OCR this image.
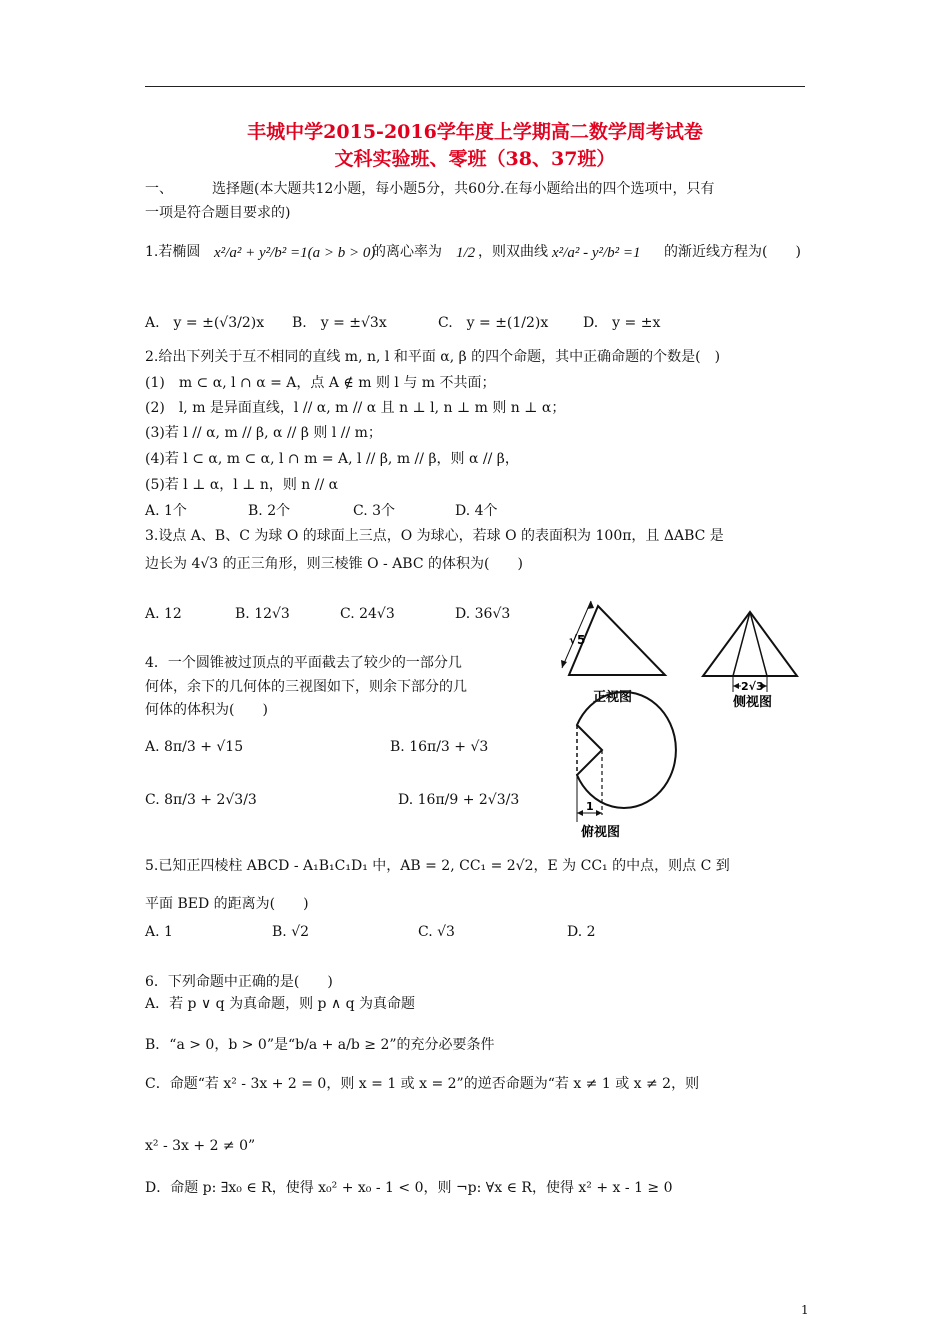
丰城中学2015-2016学年度上学期高二数学周考试卷
文科实验班、零班（38、37班）
一、	选择题(本大题共12小题，每小题5分，共60分.在每小题给出的四个选项中，只有
一项是符合题目要求的)
1.若椭圆 x²/a² + y²/b² =1(a > b > 0)
的离心率为 1/2 ，则双曲线 x²/a² - y²/b² =1 的渐近线方程为(　　)
A.　y = ±(√3/2)x B.　y = ±√3x	C.　y = ±(1/2)x D.　y = ±x
2.给出下列关于互不相同的直线 m, n, l 和平面 α, β 的四个命题，其中正确命题的个数是(　)
(1)　m ⊂ α, l ∩ α = A，点 A ∉ m 则 l 与 m 不共面；
(2)　l, m 是异面直线，l // α, m // α 且 n ⊥ l, n ⊥ m 则 n ⊥ α；
(3)若 l // α, m // β, α // β 则 l // m；
(4)若 l ⊂ α, m ⊂ α, l ∩ m = A, l // β, m // β，则 α // β，
(5)若 l ⊥ α，l ⊥ n，则 n // α
A. 1个	B. 2个	C. 3个	D. 4个
3.设点 A、B、C 为球 O 的球面上三点，O 为球心，若球 O 的表面积为 100π，且 ΔABC 是
边长为 4√3 的正三角形，则三棱锥 O - ABC 的体积为(　　)
A. 12	B. 12√3	C. 24√3	D. 36√3
4．一个圆锥被过顶点的平面截去了较少的一部分几
何体，余下的几何体的三视图如下，则余下部分的几
何体的体积为(　　)
A. 8π/3 + √15	B. 16π/3 + √3
C. 8π/3 + 2√3/3	D. 16π/9 + 2√3/3
√5
正视图
2√3
侧视图
1
俯视图
5.已知正四棱柱 ABCD - A₁B₁C₁D₁ 中，AB = 2, CC₁ = 2√2，E 为 CC₁ 的中点，则点 C 到
平面 BED 的距离为(　　)
A. 1	B. √2	C. √3	D. 2
6．下列命题中正确的是(　　)
A．若 p ∨ q 为真命题，则 p ∧ q 为真命题
B．“a > 0，b > 0”是“b/a + a/b ≥ 2”的充分必要条件
C．命题“若 x² - 3x + 2 = 0，则 x = 1 或 x = 2”的逆否命题为“若 x ≠ 1 或 x ≠ 2，则
x² - 3x + 2 ≠ 0”
D．命题 p: ∃x₀ ∈ R，使得 x₀² + x₀ - 1 < 0，则 ¬p: ∀x ∈ R，使得 x² + x - 1 ≥ 0
1
